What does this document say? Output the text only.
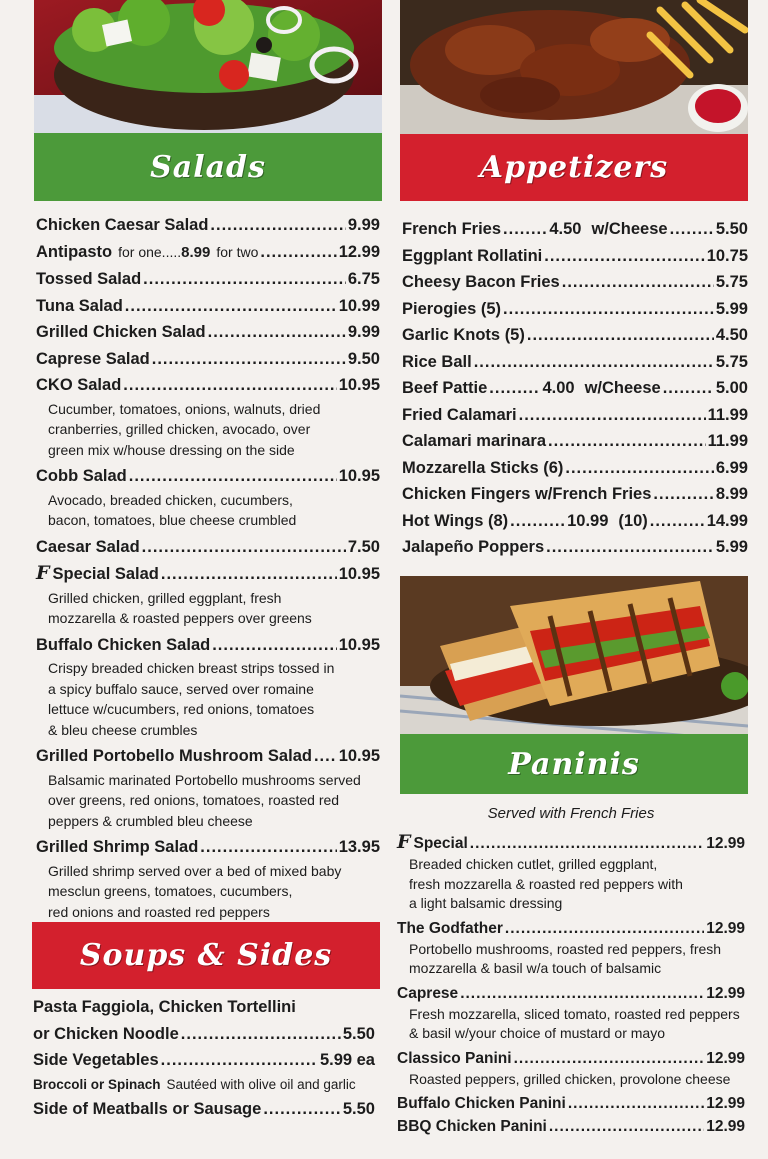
Salads
Chicken Caesar Salad .....	9.99
Antipasto for one.....8.99 for two .....	12.99
Tossed Salad .....	6.75
Tuna Salad .....	10.99
Grilled Chicken Salad .....	9.99
Caprese Salad .....	9.50
CKO Salad .....	10.95
Cucumber, tomatoes, onions, walnuts, dried
cranberries, grilled chicken, avocado, over
green mix w/house dressing on the side
Cobb Salad .....	10.95
Avocado, breaded chicken, cucumbers,
bacon, tomatoes, blue cheese crumbled
Caesar Salad .....	7.50
F Special Salad .....	10.95
Grilled chicken, grilled eggplant, fresh
mozzarella & roasted peppers over greens
Buffalo Chicken Salad .....	10.95
Crispy breaded chicken breast strips tossed in
a spicy buffalo sauce, served over romaine
lettuce w/cucumbers, red onions, tomatoes
& bleu cheese crumbles
Grilled Portobello Mushroom Salad ..... 10.95
Balsamic marinated Portobello mushrooms served
over greens, red onions, tomatoes, roasted red
peppers & crumbled bleu cheese
Grilled Shrimp Salad .....	13.95
Grilled shrimp served over a bed of mixed baby
mesclun greens, tomatoes, cucumbers,
red onions and roasted red peppers
Soups & Sides
Pasta Faggiola, Chicken Tortellini
or Chicken Noodle .....	5.50
Side Vegetables .....	5.99 ea
Broccoli or Spinach Sautéed with olive oil and garlic
Side of Meatballs or Sausage .....	5.50
Appetizers
French Fries .....	4.50 w/Cheese .....	5.50
Eggplant Rollatini .....	10.75
Cheesy Bacon Fries .....	5.75
Pierogies (5) .....	5.99
Garlic Knots (5) .....	4.50
Rice Ball .....	5.75
Beef Pattie .....	4.00 w/Cheese .....	5.00
Fried Calamari .....	11.99
Calamari marinara .....	11.99
Mozzarella Sticks (6) .....	6.99
Chicken Fingers w/French Fries .....	8.99
Hot Wings (8) .....	10.99 (10) .....	14.99
Jalapeño Poppers .....	5.99
Paninis
Served with French Fries
F Special .....	12.99
Breaded chicken cutlet, grilled eggplant,
fresh mozzarella & roasted red peppers with
a light balsamic dressing
The Godfather .....	12.99
Portobello mushrooms, roasted red peppers, fresh
mozzarella & basil w/a touch of balsamic
Caprese .....	12.99
Fresh mozzarella, sliced tomato, roasted red peppers
& basil w/your choice of mustard or mayo
Classico Panini .....	12.99
Roasted peppers, grilled chicken, provolone cheese
Buffalo Chicken Panini .....	12.99
BBQ Chicken Panini .....	12.99
